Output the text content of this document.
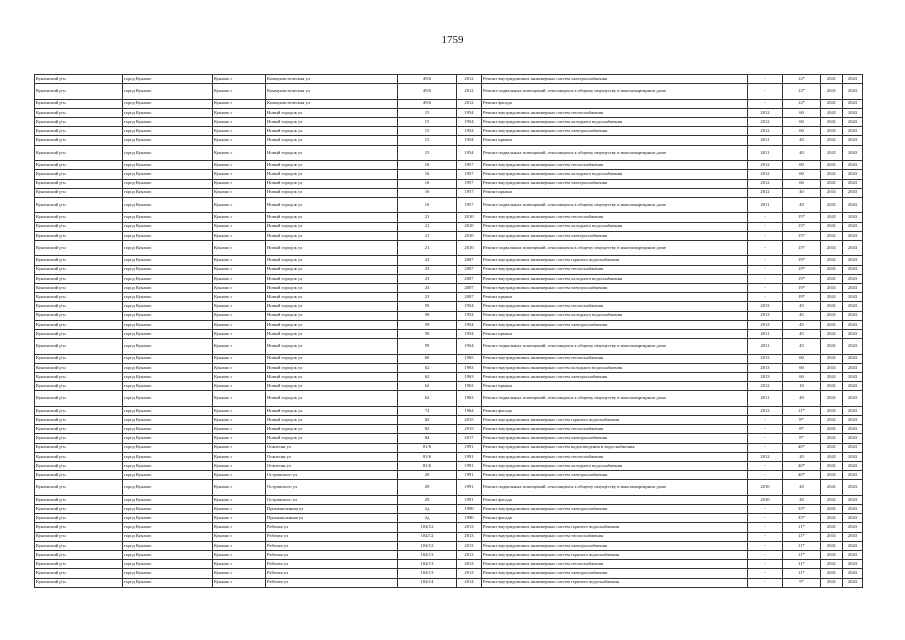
1759
Кунашский р-н	город Кунашо	Кунашо г	Коммунистическая ул	49/6	2012	Ремонт внутридомовых инженерных систем электроснабжения	-	12*	2041	2043
Кунашский р-н	город Кунашо	Кунашо г	Коммунистическая ул	49/6	2012	Ремонт подвальных помещений, относящихся к общему имуществу в многоквартирном доме	-	12*	2041	2043
Кунашский р-н	город Кунашо	Кунашо г	Коммунистическая ул	49/6	2012	Ремонт фасада	-	12*	2041	2043
Кунашский р-н	город Кунашо	Кунашо г	Новый городок ул	15	1954	Ремонт внутридомовых инженерных систем теплоснабжения	2012	60	2041	2043
Кунашский р-н	город Кунашо	Кунашо г	Новый городок ул	15	1954	Ремонт внутридомовых инженерных систем холодного водоснабжения	2012	60	2041	2043
Кунашский р-н	город Кунашо	Кунашо г	Новый городок ул	15	1954	Ремонт внутридомовых инженерных систем электроснабжения	2012	60	2041	2043
Кунашский р-н	город Кунашо	Кунашо г	Новый городок ул	15	1954	Ремонт крыши	2011	40	2041	2043
Кунашский р-н	город Кунашо	Кунашо г	Новый городок ул	15	1954	Ремонт подвальных помещений, относящихся к общему имуществу в многоквартирном доме	2011	40	2041	2043
Кунашский р-н	город Кунашо	Кунашо г	Новый городок ул	16	1957	Ремонт внутридомовых инженерных систем теплоснабжения	2012	60	2041	2043
Кунашский р-н	город Кунашо	Кунашо г	Новый городок ул	16	1957	Ремонт внутридомовых инженерных систем холодного водоснабжения	2012	60	2041	2043
Кунашский р-н	город Кунашо	Кунашо г	Новый городок ул	16	1957	Ремонт внутридомовых инженерных систем электроснабжения	2012	60	2041	2043
Кунашский р-н	город Кунашо	Кунашо г	Новый городок ул	16	1957	Ремонт крыши	2012	40	2041	2043
Кунашский р-н	город Кунашо	Кунашо г	Новый городок ул	16	1957	Ремонт подвальных помещений, относящихся к общему имуществу в многоквартирном доме	2011	40	2041	2043
Кунашский р-н	город Кунашо	Кунашо г	Новый городок ул	21	2010	Ремонт внутридомовых инженерных систем теплоснабжения	-	15*	2041	2043
Кунашский р-н	город Кунашо	Кунашо г	Новый городок ул	21	2010	Ремонт внутридомовых инженерных систем холодного водоснабжения	-	15*	2041	2043
Кунашский р-н	город Кунашо	Кунашо г	Новый городок ул	21	2010	Ремонт внутридомовых инженерных систем электроснабжения	-	15*	2041	2043
Кунашский р-н	город Кунашо	Кунашо г	Новый городок ул	21	2010	Ремонт подвальных помещений, относящихся к общему имуществу в многоквартирном доме	-	15*	2041	2043
Кунашский р-н	город Кунашо	Кунашо г	Новый городок ул	23	2007	Ремонт внутридомовых инженерных систем горячего водоснабжения	-	19*	2041	2043
Кунашский р-н	город Кунашо	Кунашо г	Новый городок ул	23	2007	Ремонт внутридомовых инженерных систем теплоснабжения	-	19*	2041	2043
Кунашский р-н	город Кунашо	Кунашо г	Новый городок ул	23	2007	Ремонт внутридомовых инженерных систем холодного водоснабжения	-	19*	2041	2043
Кунашский р-н	город Кунашо	Кунашо г	Новый городок ул	23	2007	Ремонт внутридомовых инженерных систем электроснабжения	-	19*	2041	2043
Кунашский р-н	город Кунашо	Кунашо г	Новый городок ул	23	2007	Ремонт крыши	-	19*	2041	2043
Кунашский р-н	город Кунашо	Кунашо г	Новый городок ул	59	1954	Ремонт внутридомовых инженерных систем теплоснабжения	2013	45	2041	2043
Кунашский р-н	город Кунашо	Кунашо г	Новый городок ул	59	1954	Ремонт внутридомовых инженерных систем холодного водоснабжения	2013	45	2041	2043
Кунашский р-н	город Кунашо	Кунашо г	Новый городок ул	59	1954	Ремонт внутридомовых инженерных систем электроснабжения	2013	45	2041	2043
Кунашский р-н	город Кунашо	Кунашо г	Новый городок ул	59	1954	Ремонт крыши	2011	45	2041	2043
Кунашский р-н	город Кунашо	Кунашо г	Новый городок ул	59	1954	Ремонт подвальных помещений, относящихся к общему имуществу в многоквартирном доме	2011	45	2041	2043
Кунашский р-н	город Кунашо	Кунашо г	Новый городок ул	60	1965	Ремонт внутридомовых инженерных систем теплоснабжения	2013	60	2041	2043
Кунашский р-н	город Кунашо	Кунашо г	Новый городок ул	62	1963	Ремонт внутридомовых инженерных систем холодного водоснабжения	2013	60	2041	2043
Кунашский р-н	город Кунашо	Кунашо г	Новый городок ул	62	1963	Ремонт внутридомовых инженерных систем электроснабжения	2013	60	2041	2043
Кунашский р-н	город Кунашо	Кунашо г	Новый городок ул	62	1963	Ремонт крыши	2012	10	2041	2043
Кунашский р-н	город Кунашо	Кунашо г	Новый городок ул	62	1963	Ремонт подвальных помещений, относящихся к общему имуществу в многоквартирном доме	2011	40	2041	2043
Кунашский р-н	город Кунашо	Кунашо г	Новый городок ул	74	1964	Ремонт фасада	2013	11*	2041	2043
Кунашский р-н	город Кунашо	Кунашо г	Новый городок ул	82	2015	Ремонт внутридомовых инженерных систем горячего водоснабжения	-	8*	2041	2043
Кунашский р-н	город Кунашо	Кунашо г	Новый городок ул	82	2015	Ремонт внутридомовых инженерных систем теплоснабжения	-	8*	2041	2043
Кунашский р-н	город Кунашо	Кунашо г	Новый городок ул	84	2017	Ремонт внутридомовых инженерных систем электроснабжения	-	8*	2041	2043
Кунашский р-н	город Кунашо	Кунашо г	Оганесян ул	81/6	1991	Ремонт внутридомовых инженерных систем водоотведения и водоснабжения	-	40*	2041	2043
Кунашский р-н	город Кунашо	Кунашо г	Оганесян ул	81/6	1991	Ремонт внутридомовых инженерных систем теплоснабжения	2012	20	2041	2043
Кунашский р-н	город Кунашо	Кунашо г	Оганесян ул	81/6	1991	Ремонт внутридомовых инженерных систем холодного водоснабжения	-	40*	2041	2043
Кунашский р-н	город Кунашо	Кунашо г	Островского ул	29	1991	Ремонт внутридомовых инженерных систем электроснабжения	-	40*	2041	2043
Кунашский р-н	город Кунашо	Кунашо г	Островского ул	29	1991	Ремонт подвальных помещений, относящихся к общему имуществу в многоквартирном доме	2010	20	2041	2043
Кунашский р-н	город Кунашо	Кунашо г	Островского ул	29	1991	Ремонт фасада	2010	20	2041	2043
Кунашский р-н	город Кунашо	Кунашо г	Промышленная ул	2д	1990	Ремонт внутридомовых инженерных систем электроснабжения	-	35*	2041	2043
Кунашский р-н	город Кунашо	Кунашо г	Промышленная ул	2д	1990	Ремонт фасада	-	35*	2041	2043
Кунашский р-н	город Кунашо	Кунашо г	Рабочая ул	104/12	2013	Ремонт внутридомовых инженерных систем горячего водоснабжения	-	11*	2041	2043
Кунашский р-н	город Кунашо	Кунашо г	Рабочая ул	104/12	2013	Ремонт внутридомовых инженерных систем теплоснабжения	-	11*	2041	2043
Кунашский р-н	город Кунашо	Кунашо г	Рабочая ул	104/12	2013	Ремонт внутридомовых инженерных систем электроснабжения	-	11*	2041	2043
Кунашский р-н	город Кунашо	Кунашо г	Рабочая ул	104/13	2013	Ремонт внутридомовых инженерных систем горячего водоснабжения	-	11*	2041	2043
Кунашский р-н	город Кунашо	Кунашо г	Рабочая ул	104/13	2013	Ремонт внутридомовых инженерных систем теплоснабжения	-	11*	2041	2043
Кунашский р-н	город Кунашо	Кунашо г	Рабочая ул	104/13	2013	Ремонт внутридомовых инженерных систем электроснабжения	-	11*	2041	2043
Кунашский р-н	город Кунашо	Кунашо г	Рабочая ул	104/14	2014	Ремонт внутридомовых инженерных систем горячего водоснабжения	-	9*	2041	2043
